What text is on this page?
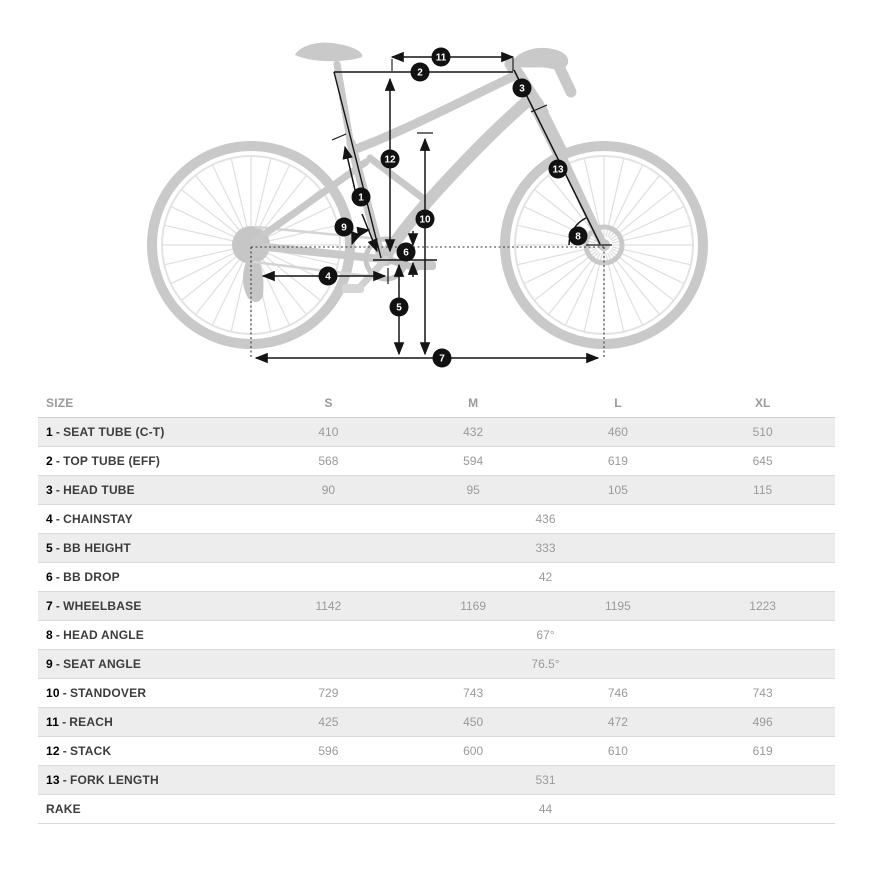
1
2
3
4
5
6
7
8
9
10
11
12
13
SIZE	S	M	L	XL
1 - SEAT TUBE (C-T)	410	432	460	510
2 - TOP TUBE (EFF)	568	594	619	645
3 - HEAD TUBE	90	95	105	115
4 - CHAINSTAY	436
5 - BB HEIGHT	333
6 - BB DROP	42
7 - WHEELBASE	1142	1169	1195	1223
8 - HEAD ANGLE	67°
9 - SEAT ANGLE	76.5°
10 - STANDOVER	729	743	746	743
11 - REACH	425	450	472	496
12 - STACK	596	600	610	619
13 - FORK LENGTH	531
RAKE	44
